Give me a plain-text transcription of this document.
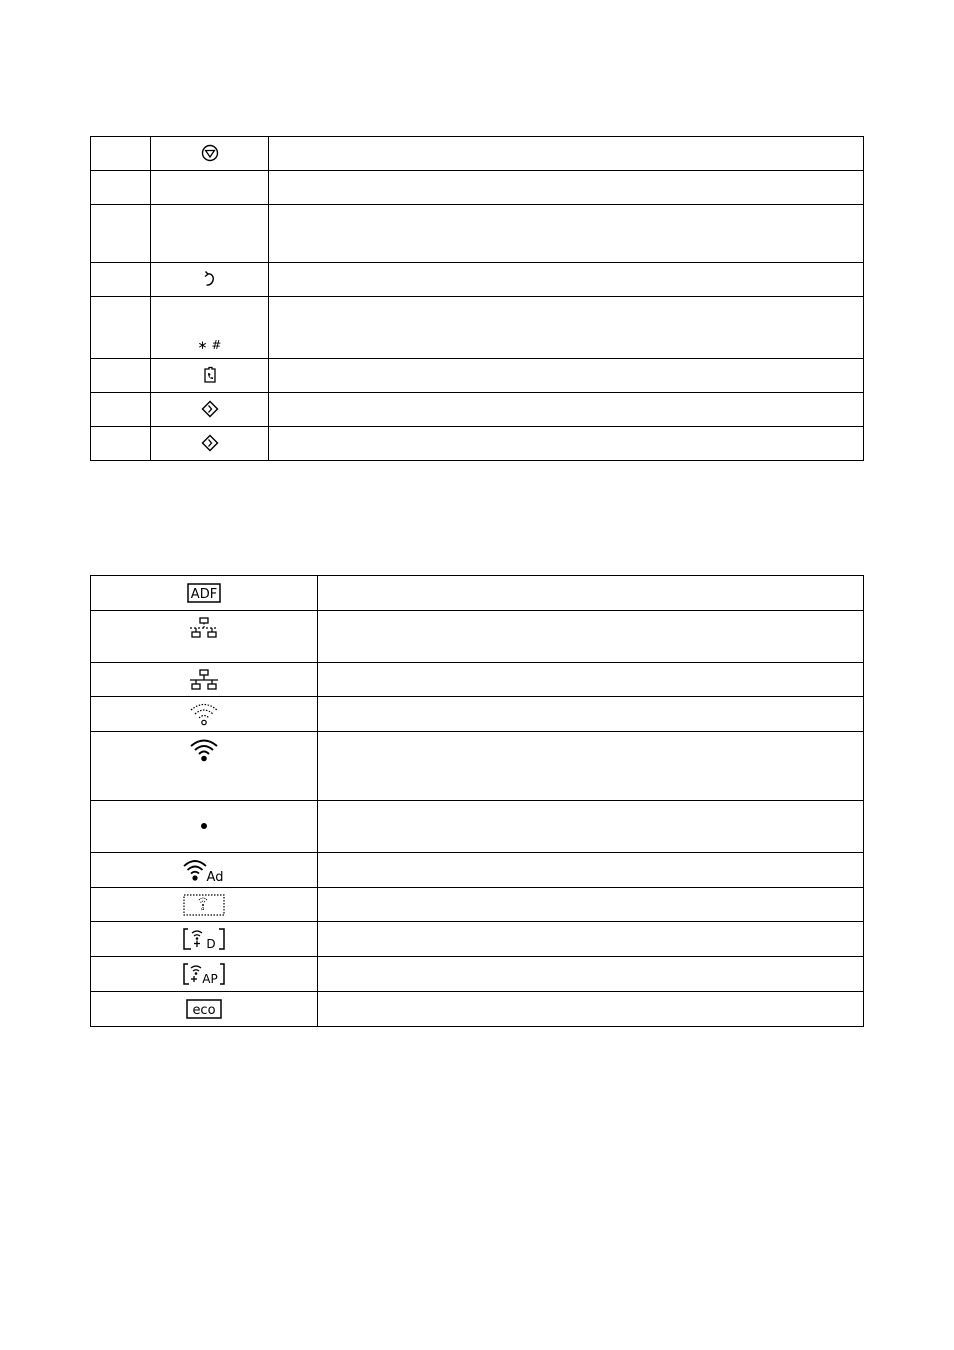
	∗ #	

ADF	

Ad	

D	

AP	

eco	
